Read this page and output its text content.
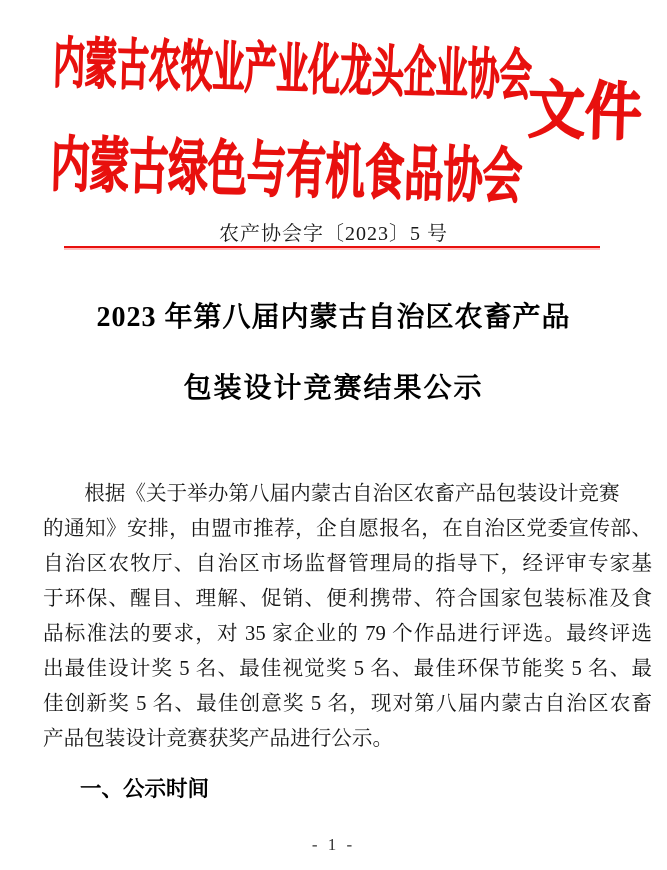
内蒙古农牧业产业化龙头企业协会
内蒙古绿色与有机食品协会
文件
农产协会字〔2023〕5 号
2023 年第八届内蒙古自治区农畜产品
包装设计竞赛结果公示
根据《关于举办第八届内蒙古自治区农畜产品包装设计竞赛
的通知》安排，由盟市推荐，企自愿报名，在自治区党委宣传部、
自治区农牧厅、自治区市场监督管理局的指导下，经评审专家基
于环保、醒目、理解、促销、便利携带、符合国家包装标准及食
品标准法的要求，对 35 家企业的 79 个作品进行评选。最终评选
出最佳设计奖 5 名、最佳视觉奖 5 名、最佳环保节能奖 5 名、最
佳创新奖 5 名、最佳创意奖 5 名，现对第八届内蒙古自治区农畜
产品包装设计竞赛获奖产品进行公示。
一、公示时间
- 1 -
